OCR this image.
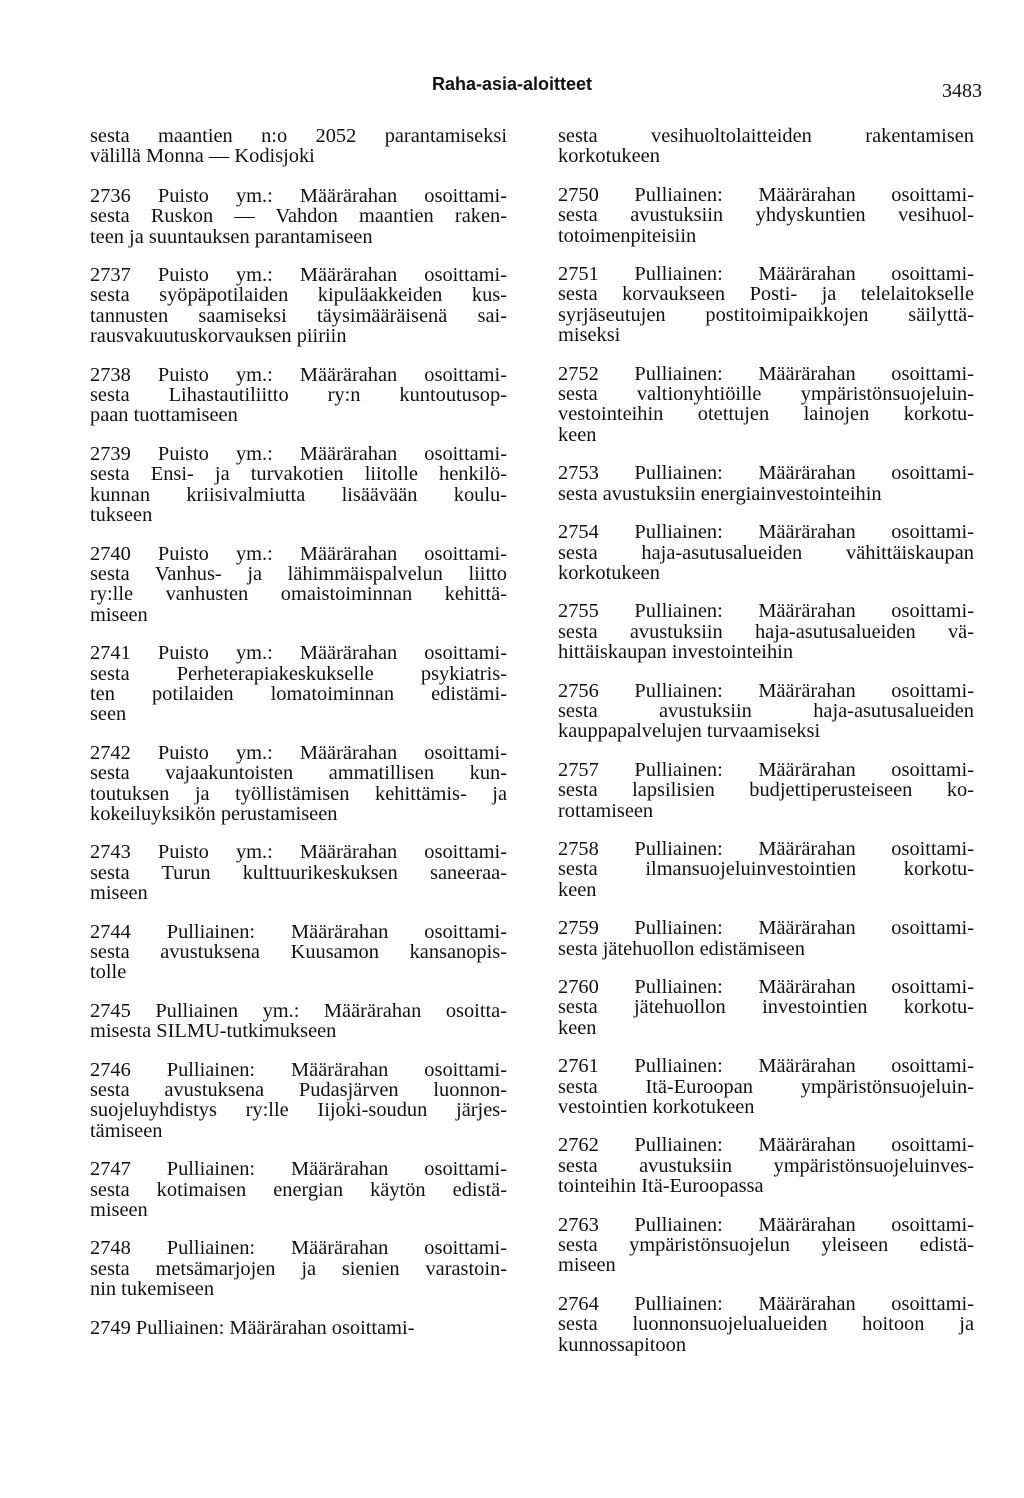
Raha-asia-aloitteet	3483
sesta maantien n:o 2052 parantamiseksi
välillä Monna — Kodisjoki
2736 Puisto ym.: Määrärahan osoittami-
sesta Ruskon — Vahdon maantien raken-
teen ja suuntauksen parantamiseen
2737 Puisto ym.: Määrärahan osoittami-
sesta syöpäpotilaiden kipuläakkeiden kus-
tannusten saamiseksi täysimääräisenä sai-
rausvakuutuskorvauksen piiriin
2738 Puisto ym.: Määrärahan osoittami-
sesta Lihastautiliitto ry:n kuntoutusop-
paan tuottamiseen
2739 Puisto ym.: Määrärahan osoittami-
sesta Ensi- ja turvakotien liitolle henkilö-
kunnan kriisivalmiutta lisäävään koulu-
tukseen
2740 Puisto ym.: Määrärahan osoittami-
sesta Vanhus- ja lähimmäispalvelun liitto
ry:lle vanhusten omaistoiminnan kehittä-
miseen
2741 Puisto ym.: Määrärahan osoittami-
sesta Perheterapiakeskukselle psykiatris-
ten potilaiden lomatoiminnan edistämi-
seen
2742 Puisto ym.: Määrärahan osoittami-
sesta vajaakuntoisten ammatillisen kun-
toutuksen ja työllistämisen kehittämis- ja
kokeiluyksikön perustamiseen
2743 Puisto ym.: Määrärahan osoittami-
sesta Turun kulttuurikeskuksen saneeraa-
miseen
2744 Pulliainen: Määrärahan osoittami-
sesta avustuksena Kuusamon kansanopis-
tolle
2745 Pulliainen ym.: Määrärahan osoitta-
misesta SILMU-tutkimukseen
2746 Pulliainen: Määrärahan osoittami-
sesta avustuksena Pudasjärven luonnon-
suojeluyhdistys ry:lle Iijoki-soudun järjes-
tämiseen
2747 Pulliainen: Määrärahan osoittami-
sesta kotimaisen energian käytön edistä-
miseen
2748 Pulliainen: Määrärahan osoittami-
sesta metsämarjojen ja sienien varastoin-
nin tukemiseen
2749 Pulliainen: Määrärahan osoittami-
sesta vesihuoltolaitteiden rakentamisen
korkotukeen
2750 Pulliainen: Määrärahan osoittami-
sesta avustuksiin yhdyskuntien vesihuol-
totoimenpiteisiin
2751 Pulliainen: Määrärahan osoittami-
sesta korvaukseen Posti- ja telelaitokselle
syrjäseutujen postitoimipaikkojen säilyttä-
miseksi
2752 Pulliainen: Määrärahan osoittami-
sesta valtionyhtiöille ympäristönsuojeluin-
vestointeihin otettujen lainojen korkotu-
keen
2753 Pulliainen: Määrärahan osoittami-
sesta avustuksiin energiainvestointeihin
2754 Pulliainen: Määrärahan osoittami-
sesta haja-asutusalueiden vähittäiskaupan
korkotukeen
2755 Pulliainen: Määrärahan osoittami-
sesta avustuksiin haja-asutusalueiden vä-
hittäiskaupan investointeihin
2756 Pulliainen: Määrärahan osoittami-
sesta avustuksiin haja-asutusalueiden
kauppapalvelujen turvaamiseksi
2757 Pulliainen: Määrärahan osoittami-
sesta lapsilisien budjettiperusteiseen ko-
rottamiseen
2758 Pulliainen: Määrärahan osoittami-
sesta ilmansuojeluinvestointien korkotu-
keen
2759 Pulliainen: Määrärahan osoittami-
sesta jätehuollon edistämiseen
2760 Pulliainen: Määrärahan osoittami-
sesta jätehuollon investointien korkotu-
keen
2761 Pulliainen: Määrärahan osoittami-
sesta Itä-Euroopan ympäristönsuojeluin-
vestointien korkotukeen
2762 Pulliainen: Määrärahan osoittami-
sesta avustuksiin ympäristönsuojeluinves-
tointeihin Itä-Euroopassa
2763 Pulliainen: Määrärahan osoittami-
sesta ympäristönsuojelun yleiseen edistä-
miseen
2764 Pulliainen: Määrärahan osoittami-
sesta luonnonsuojelualueiden hoitoon ja
kunnossapitoon
